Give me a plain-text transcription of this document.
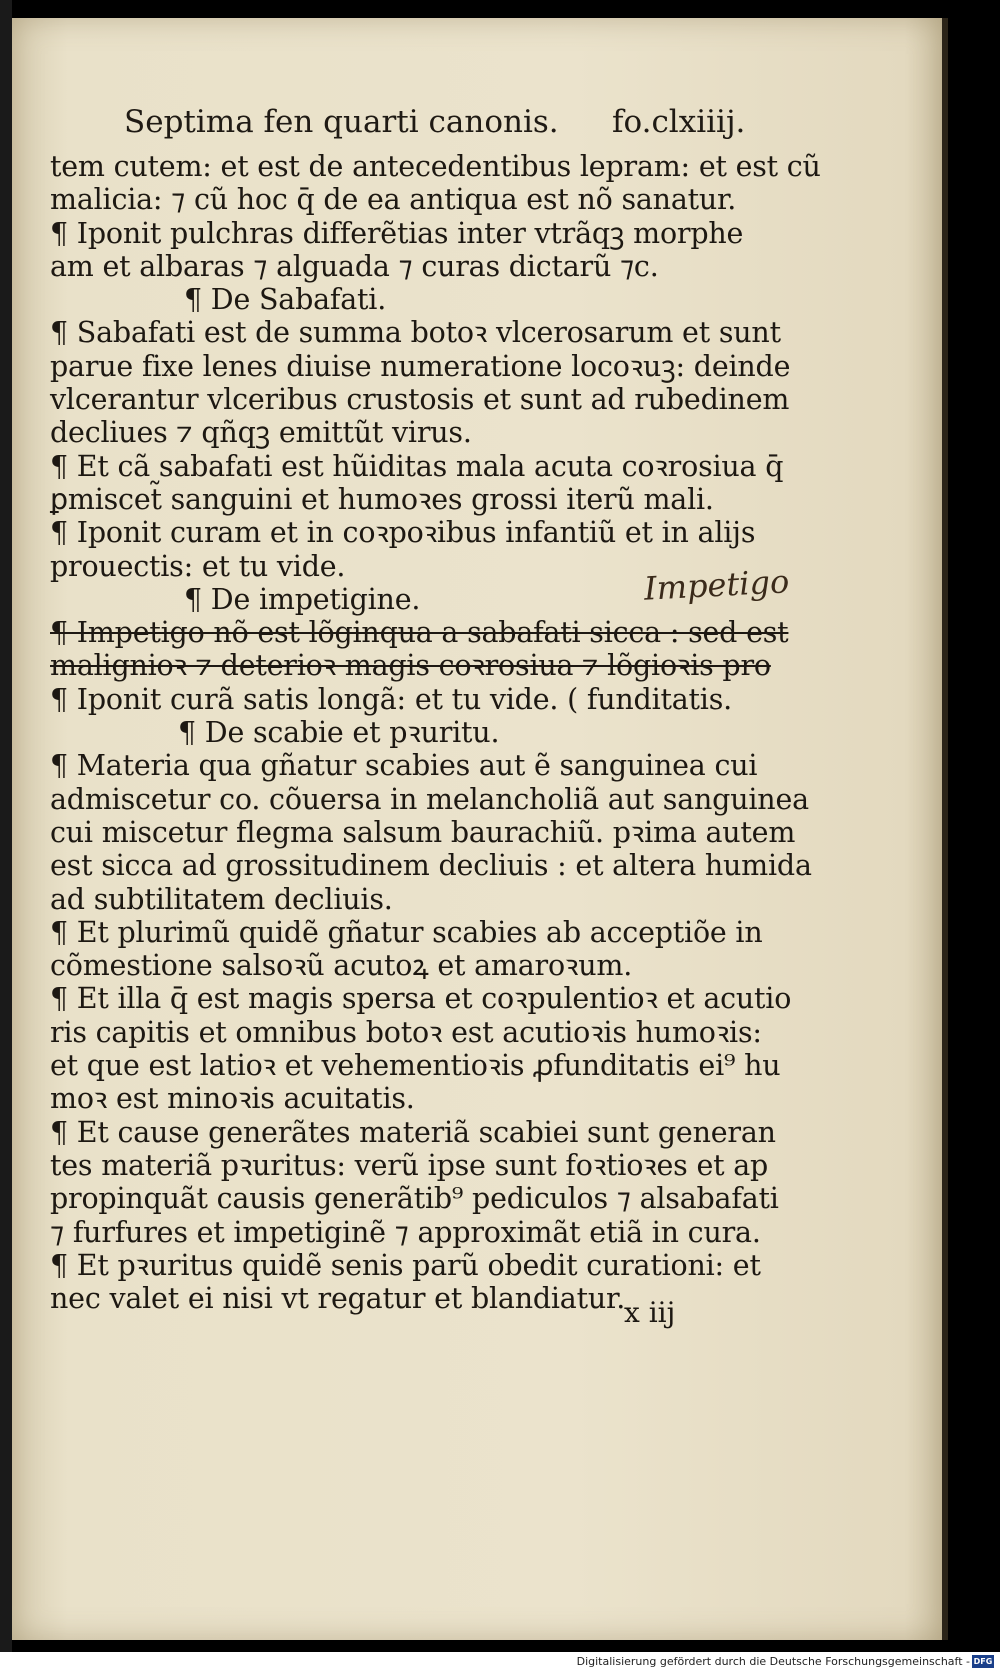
Septima fen quarti canonis. fo.clxiiij.
tem cutem: et est de antecedentibus lepram: et est cũ
malicia: ⁊ cũ hoc q̄ de ea antiqua est nõ sanatur.
¶ Iponit pulchras differẽtias inter vtrãqꝫ morphe
am et albaras ⁊ alguada ⁊ curas dictarũ ⁊c.
¶ De Sabafati.
¶ Sabafati est de summa botoꝛ vlcerosarum et sunt
parue fixe lenes diuise numeratione locoꝛuꝫ: deinde
vlcerantur vlceribus crustosis et sunt ad rubedinem
decliues ⁊ qñqꝫ emittũt virus.
¶ Et cã sabafati est hũiditas mala acuta coꝛrosiua q̄
ꝑmiscet̃ sanguini et humoꝛes grossi iterũ mali.
¶ Iponit curam et in coꝛpoꝛibus infantiũ et in alijs
prouectis: et tu vide.
¶ De impetigine.
¶ Impetigo nõ est lõginqua a sabafati sicca : sed est
malignioꝛ ⁊ deterioꝛ magis coꝛrosiua ⁊ lõgioꝛis pro
¶ Iponit curã satis longã: et tu vide. ( funditatis.
¶ De scabie et pꝛuritu.
¶ Materia qua gñatur scabies aut ẽ sanguinea cui
admiscetur co. cõuersa in melancholiã aut sanguinea
cui miscetur flegma salsum baurachiũ. pꝛima autem
est sicca ad grossitudinem decliuis : et altera humida
ad subtilitatem decliuis.
¶ Et plurimũ quidẽ gñatur scabies ab acceptiõe in
cõmestione salsoꝛũ acutoꝝ et amaroꝛum.
¶ Et illa q̄ est magis spersa et coꝛpulentioꝛ et acutio
ris capitis et omnibus botoꝛ est acutioꝛis humoꝛis:
et que est latioꝛ et vehementioꝛis ꝓfunditatis ei⁹ hu
moꝛ est minoꝛis acuitatis.
¶ Et cause generãtes materiã scabiei sunt generan
tes materiã pꝛuritus: verũ ipse sunt foꝛtioꝛes et ap
propinquãt causis generãtib⁹ pediculos ⁊ alsabafati
⁊ furfures et impetiginẽ ⁊ approximãt etiã in cura.
¶ Et pꝛuritus quidẽ senis parũ obedit curationi: et
nec valet ei nisi vt regatur et blandiatur.
Impetigo
x iij
Digitalisierung gefördert durch die Deutsche Forschungsgemeinschaft - DFG
